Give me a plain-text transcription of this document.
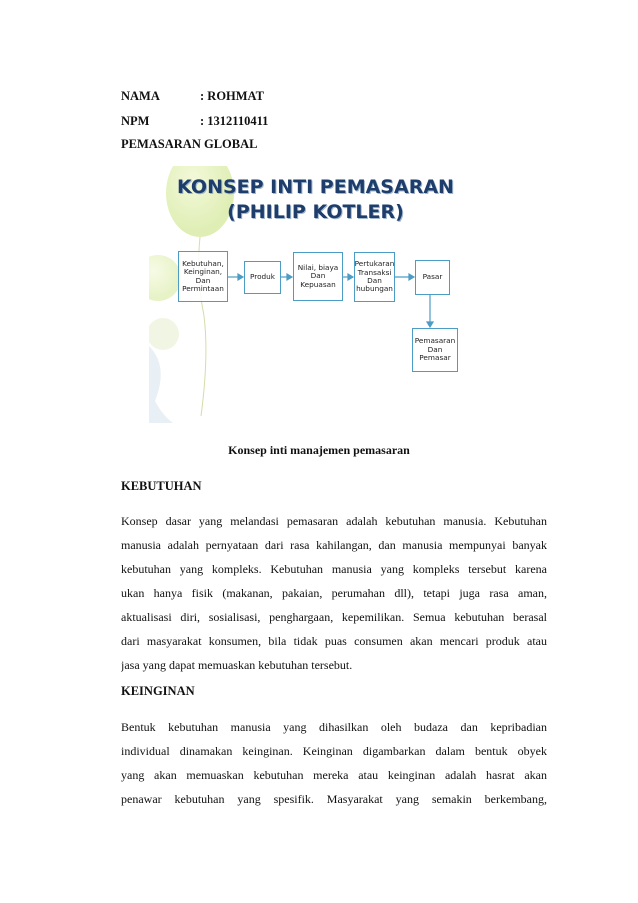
NAMA	: ROHMAT
NPM	: 1312110411
PEMASARAN GLOBAL
KONSEP INTI PEMASARAN
(PHILIP KOTLER)
Kebutuhan,
Keinginan,
Dan
Permintaan
Produk
Nilai, biaya
Dan
Kepuasan
Pertukaran
Transaksi
Dan
hubungan
Pasar
Pemasaran
Dan
Pemasar
Konsep inti manajemen pemasaran
KEBUTUHAN
Konsep dasar yang melandasi pemasaran adalah kebutuhan manusia. Kebutuhan
manusia adalah pernyataan dari rasa kahilangan, dan manusia mempunyai banyak
kebutuhan yang kompleks. Kebutuhan manusia yang kompleks tersebut karena
ukan hanya fisik (makanan, pakaian, perumahan dll), tetapi juga rasa aman,
aktualisasi diri, sosialisasi, penghargaan, kepemilikan. Semua kebutuhan berasal
dari masyarakat konsumen, bila tidak puas consumen akan mencari produk atau
jasa yang dapat memuaskan kebutuhan tersebut.
KEINGINAN
Bentuk kebutuhan manusia yang dihasilkan oleh budaza dan kepribadian
individual dinamakan keinginan. Keinginan digambarkan dalam bentuk obyek
yang akan memuaskan kebutuhan mereka atau keinginan adalah hasrat akan
penawar kebutuhan yang spesifik. Masyarakat yang semakin berkembang,
